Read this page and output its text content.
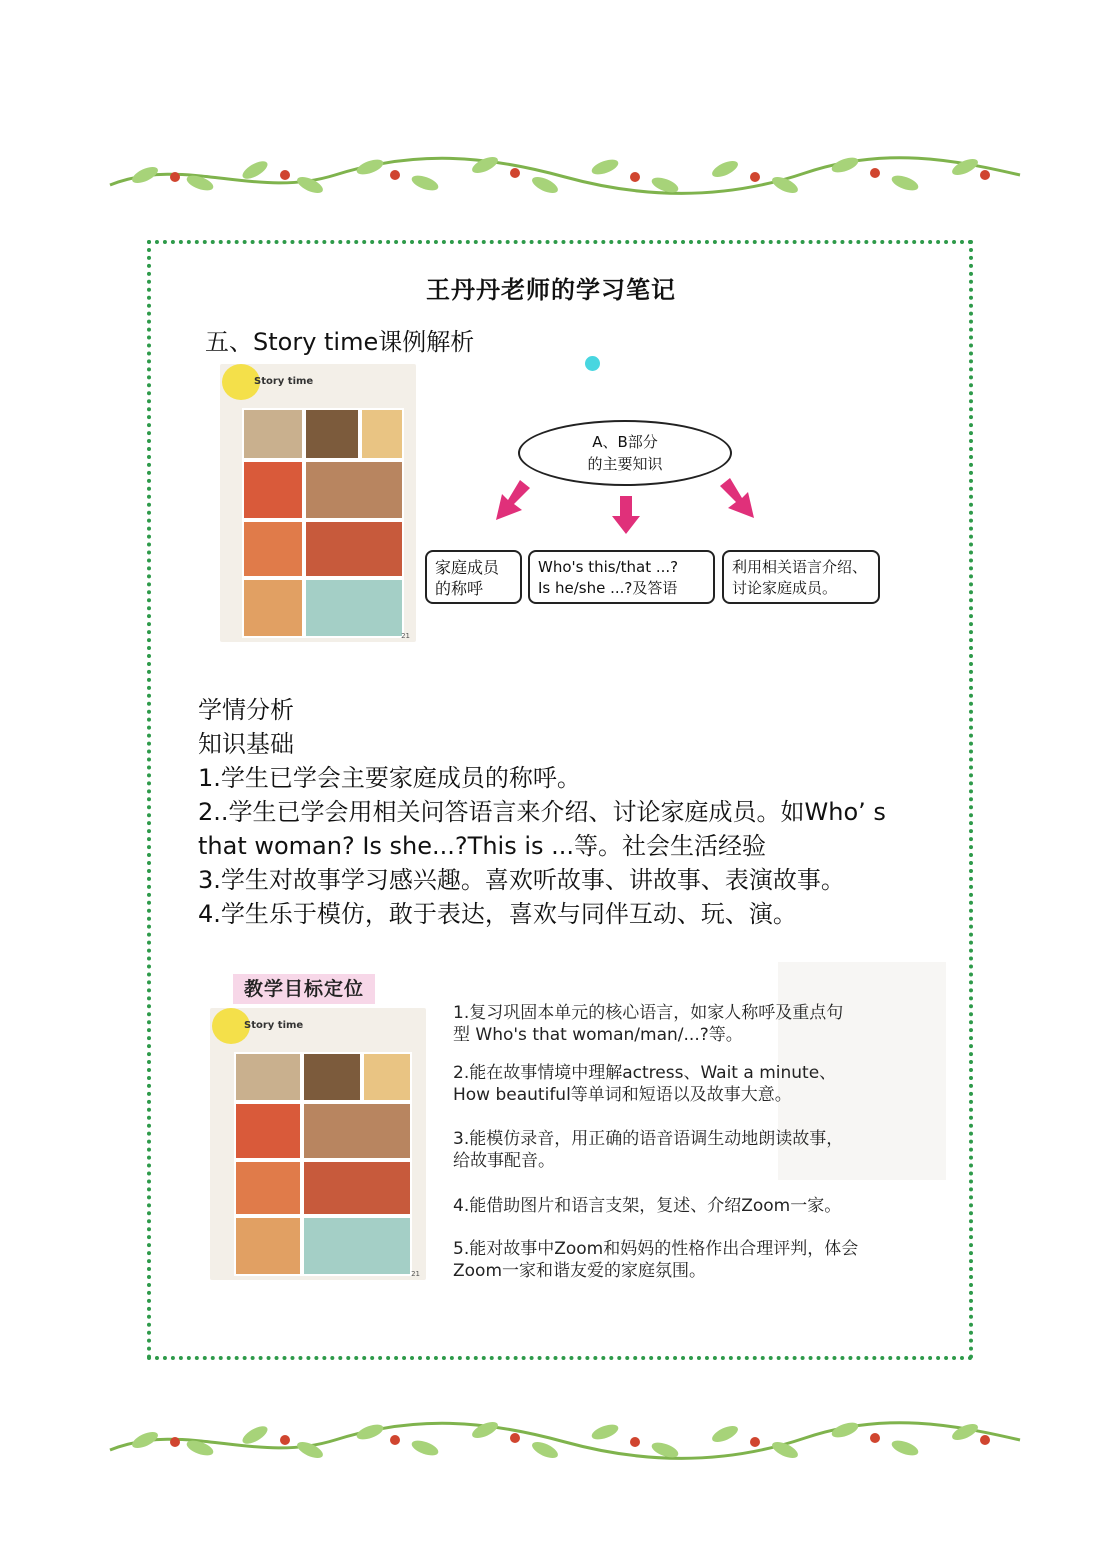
王丹丹老师的学习笔记
五、Story time课例解析
Story time
21
A、B部分
的主要知识
家庭成员
的称呼
Who's this/that ...?
Is he/she ...?及答语
利用相关语言介绍、
讨论家庭成员。
学情分析
知识基础
1.学生已学会主要家庭成员的称呼。
2..学生已学会用相关问答语言来介绍、讨论家庭成员。如Who’ s
that woman? Is she...?This is ...等。社会生活经验
3.学生对故事学习感兴趣。喜欢听故事、讲故事、表演故事。
4.学生乐于模仿，敢于表达，喜欢与同伴互动、玩、演。
教学目标定位
Story time
21
1.复习巩固本单元的核心语言，如家人称呼及重点句
型 Who's that woman/man/...?等。
2.能在故事情境中理解actress、Wait a minute、
How beautiful等单词和短语以及故事大意。
3.能模仿录音，用正确的语音语调生动地朗读故事，
给故事配音。
4.能借助图片和语言支架，复述、介绍Zoom一家。
5.能对故事中Zoom和妈妈的性格作出合理评判，体会
Zoom一家和谐友爱的家庭氛围。
